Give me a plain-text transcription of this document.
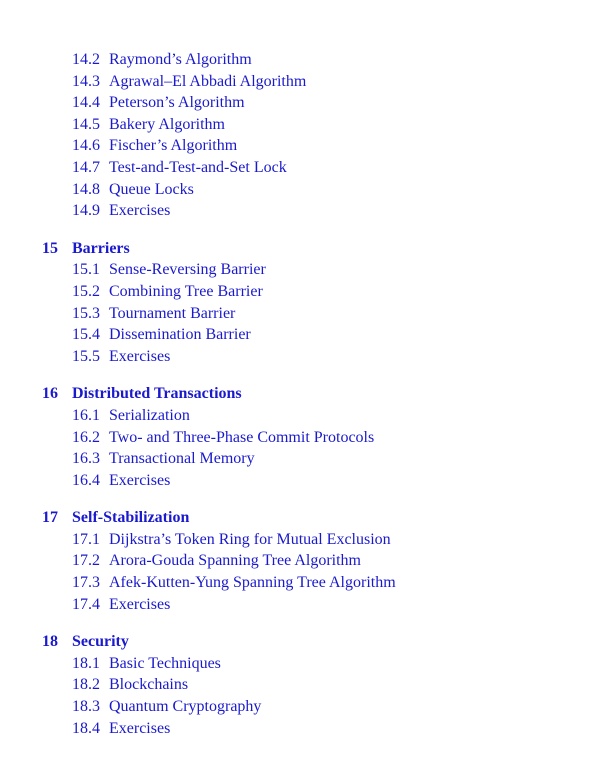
14.2 Raymond’s Algorithm
14.3 Agrawal–El Abbadi Algorithm
14.4 Peterson’s Algorithm
14.5 Bakery Algorithm
14.6 Fischer’s Algorithm
14.7 Test-and-Test-and-Set Lock
14.8 Queue Locks
14.9 Exercises
15 Barriers
15.1 Sense-Reversing Barrier
15.2 Combining Tree Barrier
15.3 Tournament Barrier
15.4 Dissemination Barrier
15.5 Exercises
16 Distributed Transactions
16.1 Serialization
16.2 Two- and Three-Phase Commit Protocols
16.3 Transactional Memory
16.4 Exercises
17 Self-Stabilization
17.1 Dijkstra’s Token Ring for Mutual Exclusion
17.2 Arora-Gouda Spanning Tree Algorithm
17.3 Afek-Kutten-Yung Spanning Tree Algorithm
17.4 Exercises
18 Security
18.1 Basic Techniques
18.2 Blockchains
18.3 Quantum Cryptography
18.4 Exercises
